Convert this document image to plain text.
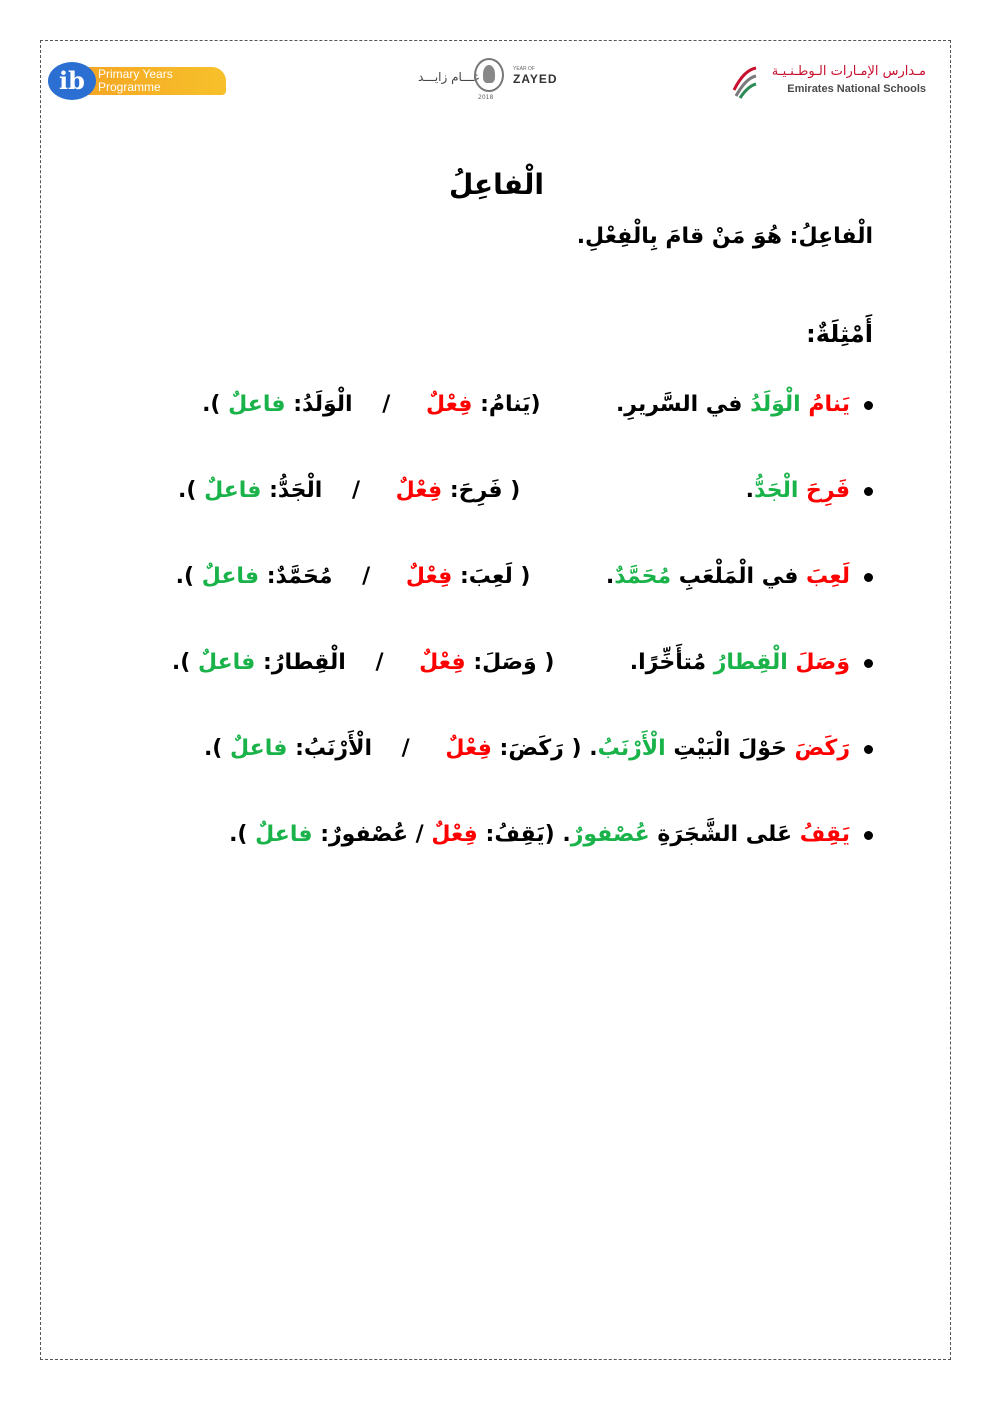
Primary Years
Programme
ib	عـــام زايـــد
2018
YEAR OF
ZAYED	مـدارس الإمـارات الـوطـنـيـة
Emirates National Schools
الْفاعِلُ
الْفاعِلُ: هُوَ مَنْ قامَ بِالْفِعْلِ.
أَمْثِلَةٌ:
يَنامُ الْوَلَدُ في السَّريرِ.  (يَنامُ: فِعْلٌ / الْوَلَدُ: فاعلٌ ).
فَرِحَ الْجَدُّ.  ( فَرِحَ: فِعْلٌ / الْجَدُّ: فاعلٌ ).
لَعِبَ في الْمَلْعَبِ مُحَمَّدٌ.  ( لَعِبَ: فِعْلٌ / مُحَمَّدٌ: فاعلٌ ).
وَصَلَ الْقِطارُ مُتأَخِّرًا.  ( وَصَلَ: فِعْلٌ / الْقِطارُ: فاعلٌ ).
رَكَضَ حَوْلَ الْبَيْتِ الْأَرْنَبُ. ( رَكَضَ: فِعْلٌ / الْأَرْنَبُ: فاعلٌ ).
يَقِفُ عَلى الشَّجَرَةِ عُصْفورٌ. (يَقِفُ: فِعْلٌ / عُصْفورٌ: فاعلٌ ).
